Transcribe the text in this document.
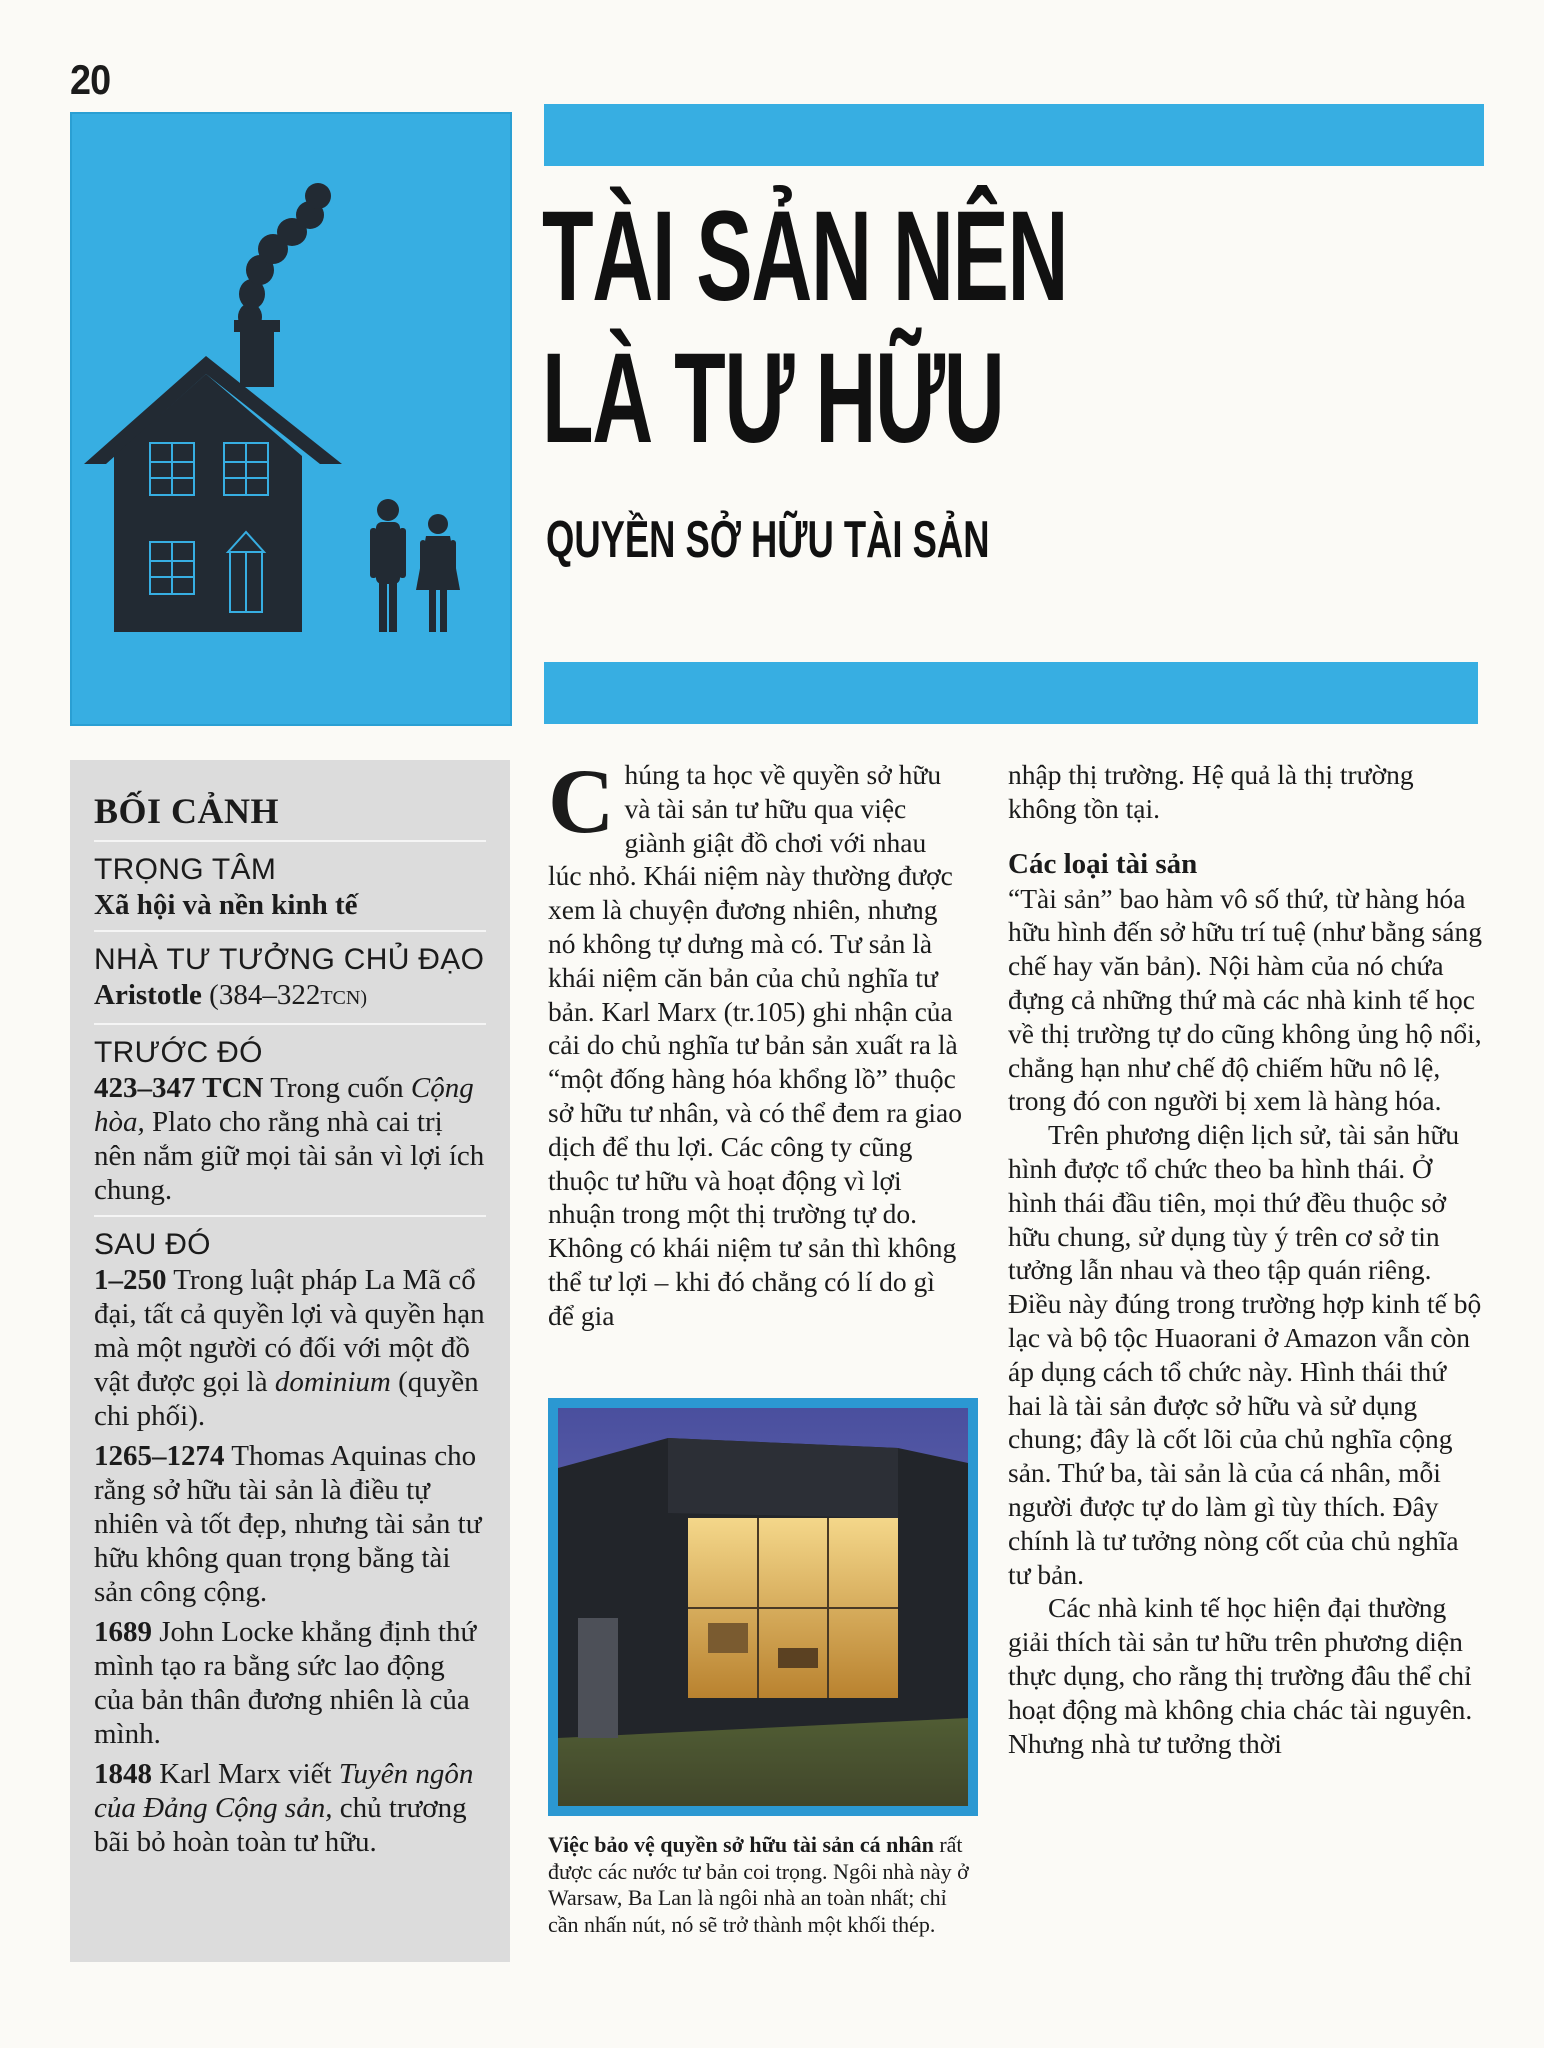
20
TÀI SẢN NÊN
LÀ TƯ HỮU
QUYỀN SỞ HỮU TÀI SẢN
BỐI CẢNH
TRỌNG TÂM
Xã hội và nền kinh tế
NHÀ TƯ TƯỞNG CHỦ ĐẠO
Aristotle (384–322TCN)
TRƯỚC ĐÓ
423–347 TCN Trong cuốn Cộng hòa, Plato cho rằng nhà cai trị nên nắm giữ mọi tài sản vì lợi ích chung.
SAU ĐÓ
1–250 Trong luật pháp La Mã cổ đại, tất cả quyền lợi và quyền hạn mà một người có đối với một đồ vật được gọi là dominium (quyền chi phối).
1265–1274 Thomas Aquinas cho rằng sở hữu tài sản là điều tự nhiên và tốt đẹp, nhưng tài sản tư hữu không quan trọng bằng tài sản công cộng.
1689 John Locke khẳng định thứ mình tạo ra bằng sức lao động của bản thân đương nhiên là của mình.
1848 Karl Marx viết Tuyên ngôn của Đảng Cộng sản, chủ trương bãi bỏ hoàn toàn tư hữu.

Chúng ta học về quyền sở hữu và tài sản tư hữu qua việc giành giật đồ chơi với nhau lúc nhỏ. Khái niệm này thường được xem là chuyện đương nhiên, nhưng nó không tự dưng mà có. Tư sản là khái niệm căn bản của chủ nghĩa tư bản. Karl Marx (tr.105) ghi nhận của cải do chủ nghĩa tư bản sản xuất ra là “một đống hàng hóa khổng lồ” thuộc sở hữu tư nhân, và có thể đem ra giao dịch để thu lợi. Các công ty cũng thuộc tư hữu và hoạt động vì lợi nhuận trong một thị trường tự do. Không có khái niệm tư sản thì không thể tư lợi – khi đó chẳng có lí do gì để gia

Việc bảo vệ quyền sở hữu tài sản cá nhân rất được các nước tư bản coi trọng. Ngôi nhà này ở Warsaw, Ba Lan là ngôi nhà an toàn nhất; chỉ cần nhấn nút, nó sẽ trở thành một khối thép.

nhập thị trường. Hệ quả là thị trường không tồn tại.

Các loại tài sản

“Tài sản” bao hàm vô số thứ, từ hàng hóa hữu hình đến sở hữu trí tuệ (như bằng sáng chế hay văn bản). Nội hàm của nó chứa đựng cả những thứ mà các nhà kinh tế học về thị trường tự do cũng không ủng hộ nổi, chẳng hạn như chế độ chiếm hữu nô lệ, trong đó con người bị xem là hàng hóa.

Trên phương diện lịch sử, tài sản hữu hình được tổ chức theo ba hình thái. Ở hình thái đầu tiên, mọi thứ đều thuộc sở hữu chung, sử dụng tùy ý trên cơ sở tin tưởng lẫn nhau và theo tập quán riêng. Điều này đúng trong trường hợp kinh tế bộ lạc và bộ tộc Huaorani ở Amazon vẫn còn áp dụng cách tổ chức này. Hình thái thứ hai là tài sản được sở hữu và sử dụng chung; đây là cốt lõi của chủ nghĩa cộng sản. Thứ ba, tài sản là của cá nhân, mỗi người được tự do làm gì tùy thích. Đây chính là tư tưởng nòng cốt của chủ nghĩa tư bản.

Các nhà kinh tế học hiện đại thường giải thích tài sản tư hữu trên phương diện thực dụng, cho rằng thị trường đâu thể chỉ hoạt động mà không chia chác tài nguyên. Nhưng nhà tư tưởng thời
